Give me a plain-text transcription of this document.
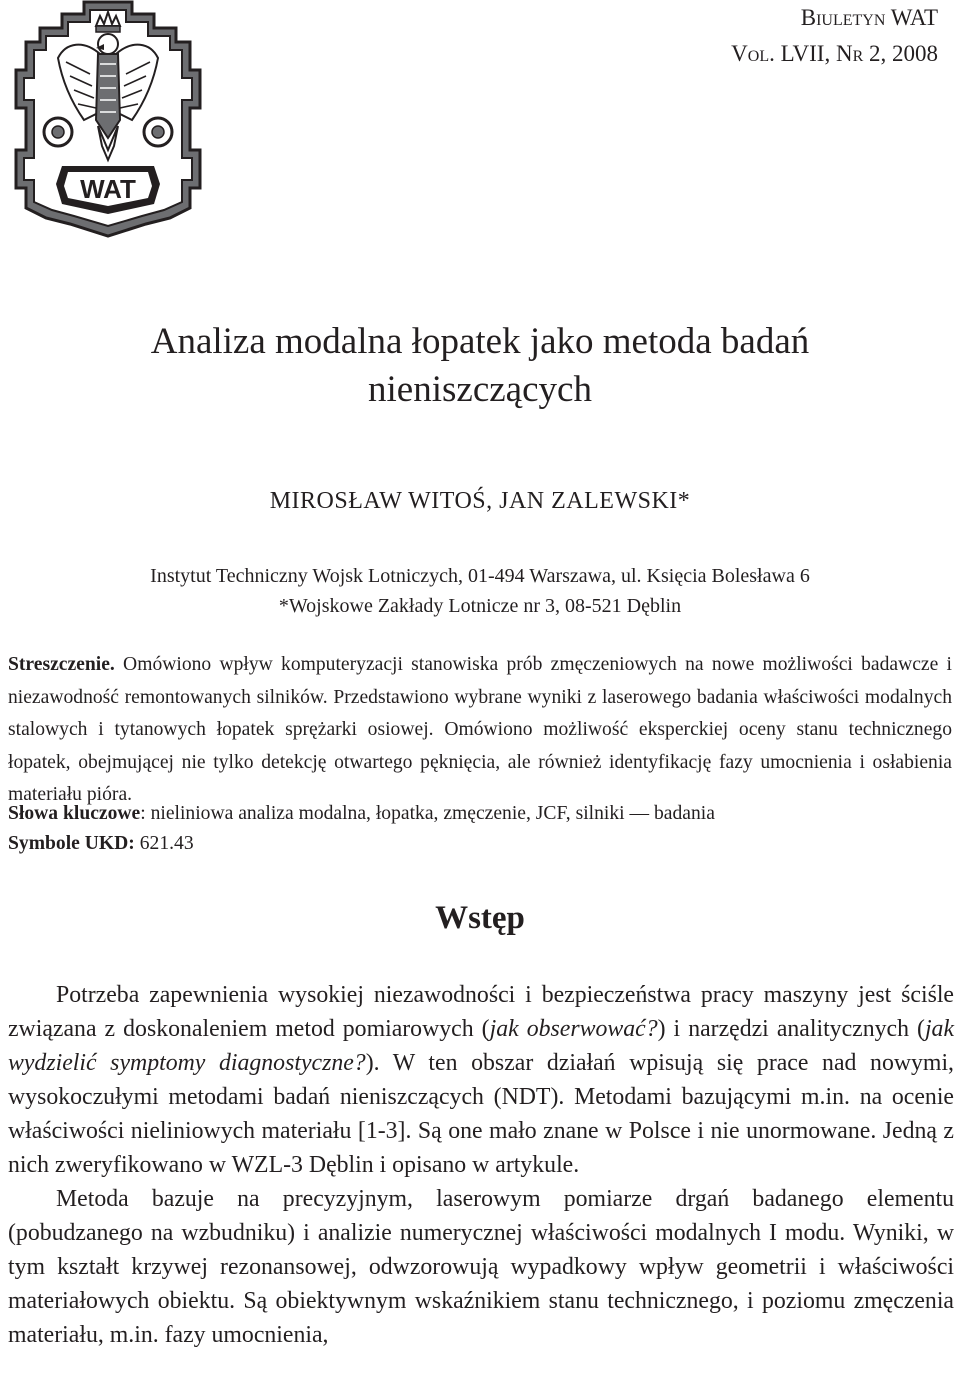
WAT
Biuletyn WAT
Vol. LVII, Nr 2, 2008
Analiza modalna łopatek jako metoda badań
nieniszczących
MIROSŁAW WITOŚ, JAN ZALEWSKI*
Instytut Techniczny Wojsk Lotniczych, 01-494 Warszawa, ul. Księcia Bolesława 6
*Wojskowe Zakłady Lotnicze nr 3, 08-521 Dęblin

Streszczenie. Omówiono wpływ komputeryzacji stanowiska prób zmęczeniowych na nowe możliwości badawcze i niezawodność remontowanych silników. Przedstawiono wybrane wyniki z laserowego badania właściwości modalnych stalowych i tytanowych łopatek sprężarki osiowej. Omówiono możliwość eksperckiej oceny stanu technicznego łopatek, obejmującej nie tylko detekcję otwartego pęknięcia, ale również identyfikację fazy umocnienia i osłabienia materiału pióra.

Słowa kluczowe: nieliniowa analiza modalna, łopatka, zmęczenie, JCF, silniki — badania
Symbole UKD: 621.43
Wstęp

Potrzeba zapewnienia wysokiej niezawodności i bezpieczeństwa pracy maszyny jest ściśle związana z doskonaleniem metod pomiarowych (jak obserwować?) i narzędzi analitycznych (jak wydzielić symptomy diagnostyczne?). W ten obszar działań wpisują się prace nad nowymi, wysokoczułymi metodami badań nieniszczących (NDT). Metodami bazującymi m.in. na ocenie właściwości nieliniowych materiału [1-3]. Są one mało znane w Polsce i nie unormowane. Jedną z nich zweryfikowano w WZL-3 Dęblin i opisano w artykule.

Metoda bazuje na precyzyjnym, laserowym pomiarze drgań badanego elementu (pobudzanego na wzbudniku) i analizie numerycznej właściwości modalnych I modu. Wyniki, w tym kształt krzywej rezonansowej, odwzorowują wypadkowy wpływ geometrii i właściwości materiałowych obiektu. Są obiektywnym wskaźnikiem stanu technicznego, i poziomu zmęczenia materiału, m.in. fazy umocnienia,
